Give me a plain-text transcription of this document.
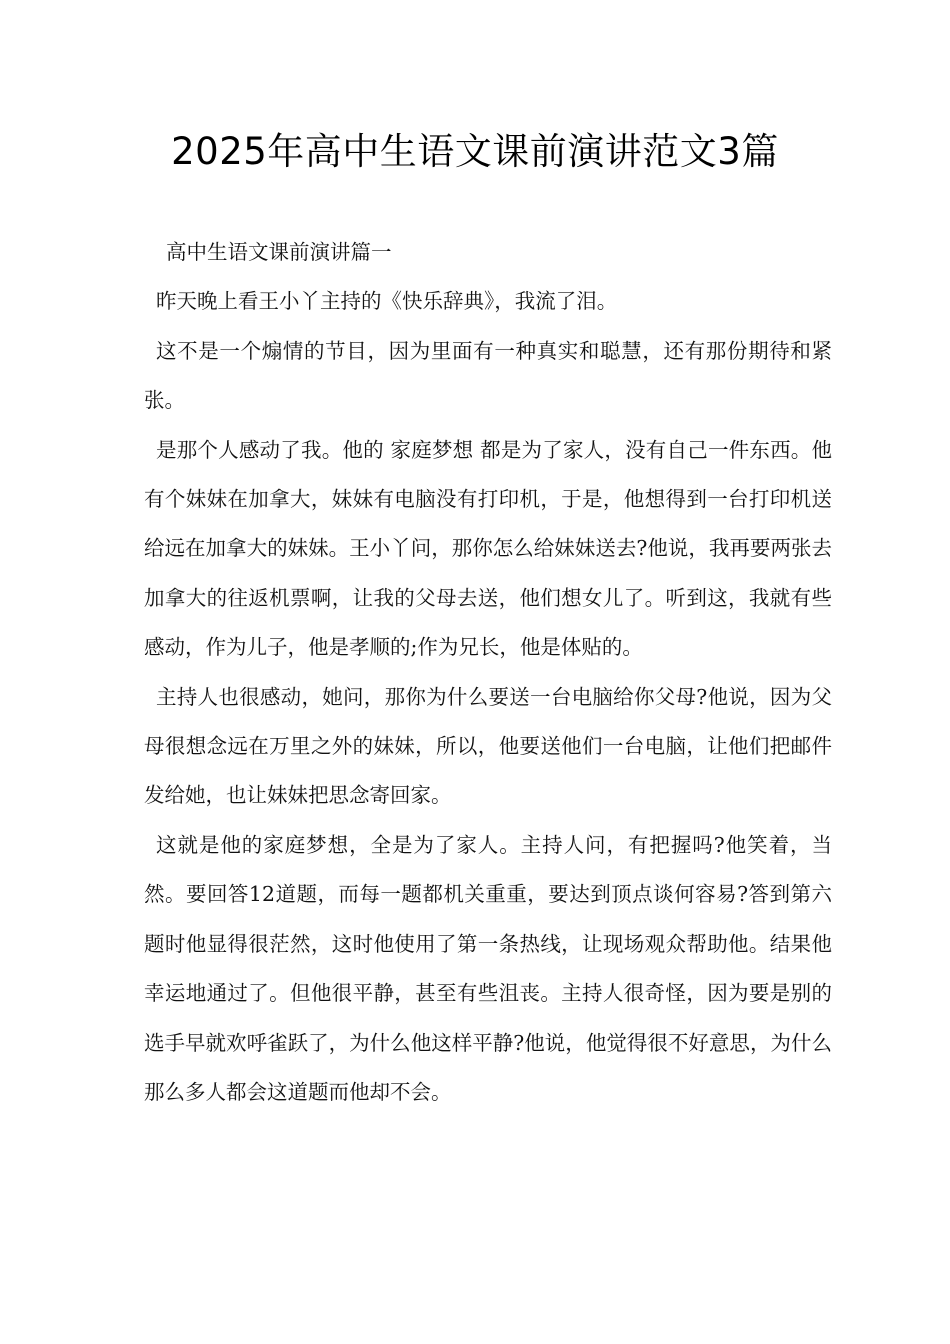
2025年高中生语文课前演讲范文3篇

高中生语文课前演讲篇一

昨天晚上看王小丫主持的《快乐辞典》，我流了泪。

这不是一个煽情的节目，因为里面有一种真实和聪慧，还有那份期待和紧张。

是那个人感动了我。他的 家庭梦想 都是为了家人，没有自己一件东西。他有个妹妹在加拿大，妹妹有电脑没有打印机，于是，他想得到一台打印机送给远在加拿大的妹妹。王小丫问，那你怎么给妹妹送去?他说，我再要两张去加拿大的往返机票啊，让我的父母去送，他们想女儿了。听到这，我就有些感动，作为儿子，他是孝顺的;作为兄长，他是体贴的。

主持人也很感动，她问，那你为什么要送一台电脑给你父母?他说，因为父母很想念远在万里之外的妹妹，所以，他要送他们一台电脑，让他们把邮件发给她，也让妹妹把思念寄回家。

这就是他的家庭梦想，全是为了家人。主持人问，有把握吗?他笑着，当然。要回答12道题，而每一题都机关重重，要达到顶点谈何容易?答到第六题时他显得很茫然，这时他使用了第一条热线，让现场观众帮助他。结果他幸运地通过了。但他很平静，甚至有些沮丧。主持人很奇怪，因为要是别的选手早就欢呼雀跃了，为什么他这样平静?他说，他觉得很不好意思，为什么那么多人都会这道题而他却不会。
